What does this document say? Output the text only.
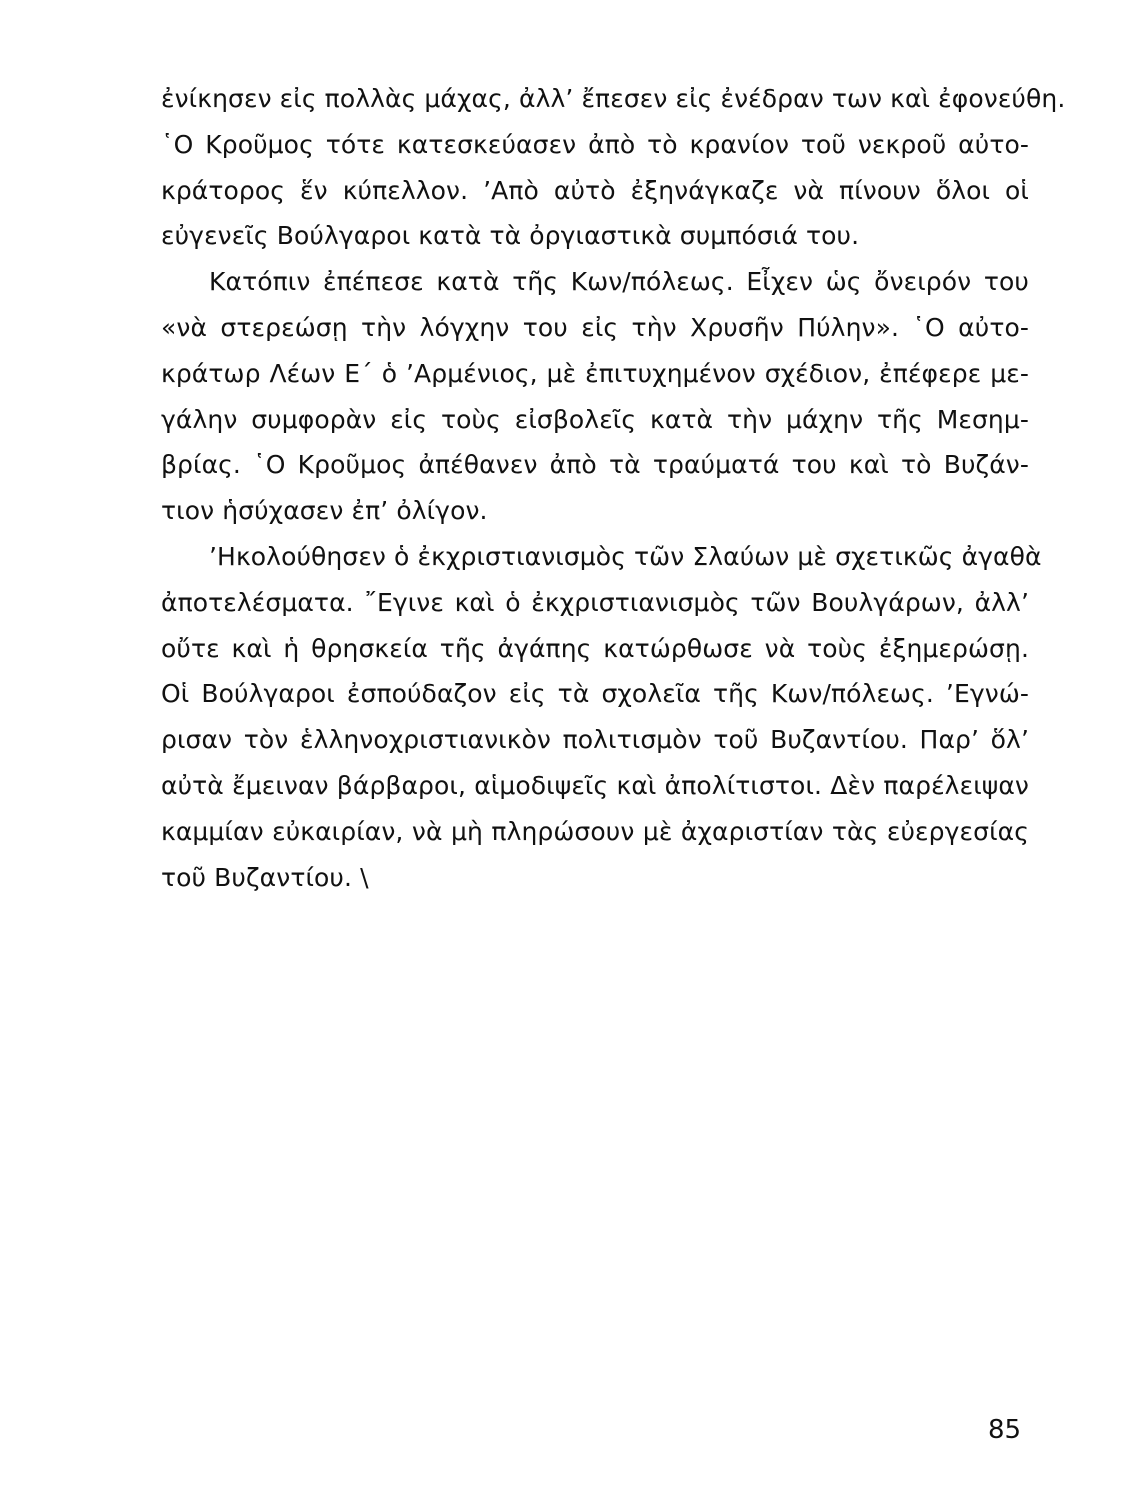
ἐνίκησεν εἰς πολλὰς μάχας, ἀλλ’ ἔπεσεν εἰς ἐνέδραν των καὶ ἐφονεύθη.
῾Ο Κροῦμος τότε κατεσκεύασεν ἀπὸ τὸ κρανίον τοῦ νεκροῦ αὐτο-
κράτορος ἕν κύπελλον. ’Απὸ αὐτὸ ἐξηνάγκαζε νὰ πίνουν ὅλοι οἱ
εὐγενεῖς Βούλγαροι κατὰ τὰ ὀργιαστικὰ συμπόσιά του.

Κατόπιν ἐπέπεσε κατὰ τῆς Κων/πόλεως. Εἶχεν ὡς ὄνειρόν του
«νὰ στερεώσῃ τὴν λόγχην του εἰς τὴν Χρυσῆν Πύλην». ῾Ο αὐτο-
κράτωρ Λέων Ε΄ ὁ ’Αρμένιος, μὲ ἐπιτυχημένον σχέδιον, ἐπέφερε με-
γάλην συμφορὰν εἰς τοὺς εἰσβολεῖς κατὰ τὴν μάχην τῆς Μεσημ-
βρίας. ῾Ο Κροῦμος ἀπέθανεν ἀπὸ τὰ τραύματά του καὶ τὸ Βυζάν-
τιον ἡσύχασεν ἐπ’ ὀλίγον.

’Ηκολούθησεν ὁ ἐκχριστιανισμὸς τῶν Σλαύων μὲ σχετικῶς ἀγαθὰ
ἀποτελέσματα. ῎Εγινε καὶ ὁ ἐκχριστιανισμὸς τῶν Βουλγάρων, ἀλλ’
οὔτε καὶ ἡ θρησκεία τῆς ἀγάπης κατώρθωσε νὰ τοὺς ἐξημερώσῃ.
Οἱ Βούλγαροι ἐσπούδαζον εἰς τὰ σχολεῖα τῆς Κων/πόλεως. ’Εγνώ-
ρισαν τὸν ἑλληνοχριστιανικὸν πολιτισμὸν τοῦ Βυζαντίου. Παρ’ ὅλ’
αὐτὰ ἔμειναν βάρβαροι, αἱμοδιψεῖς καὶ ἀπολίτιστοι. Δὲν παρέλειψαν
καμμίαν εὐκαιρίαν, νὰ μὴ πληρώσουν μὲ ἀχαριστίαν τὰς εὐεργεσίας
τοῦ Βυζαντίου. \

85
